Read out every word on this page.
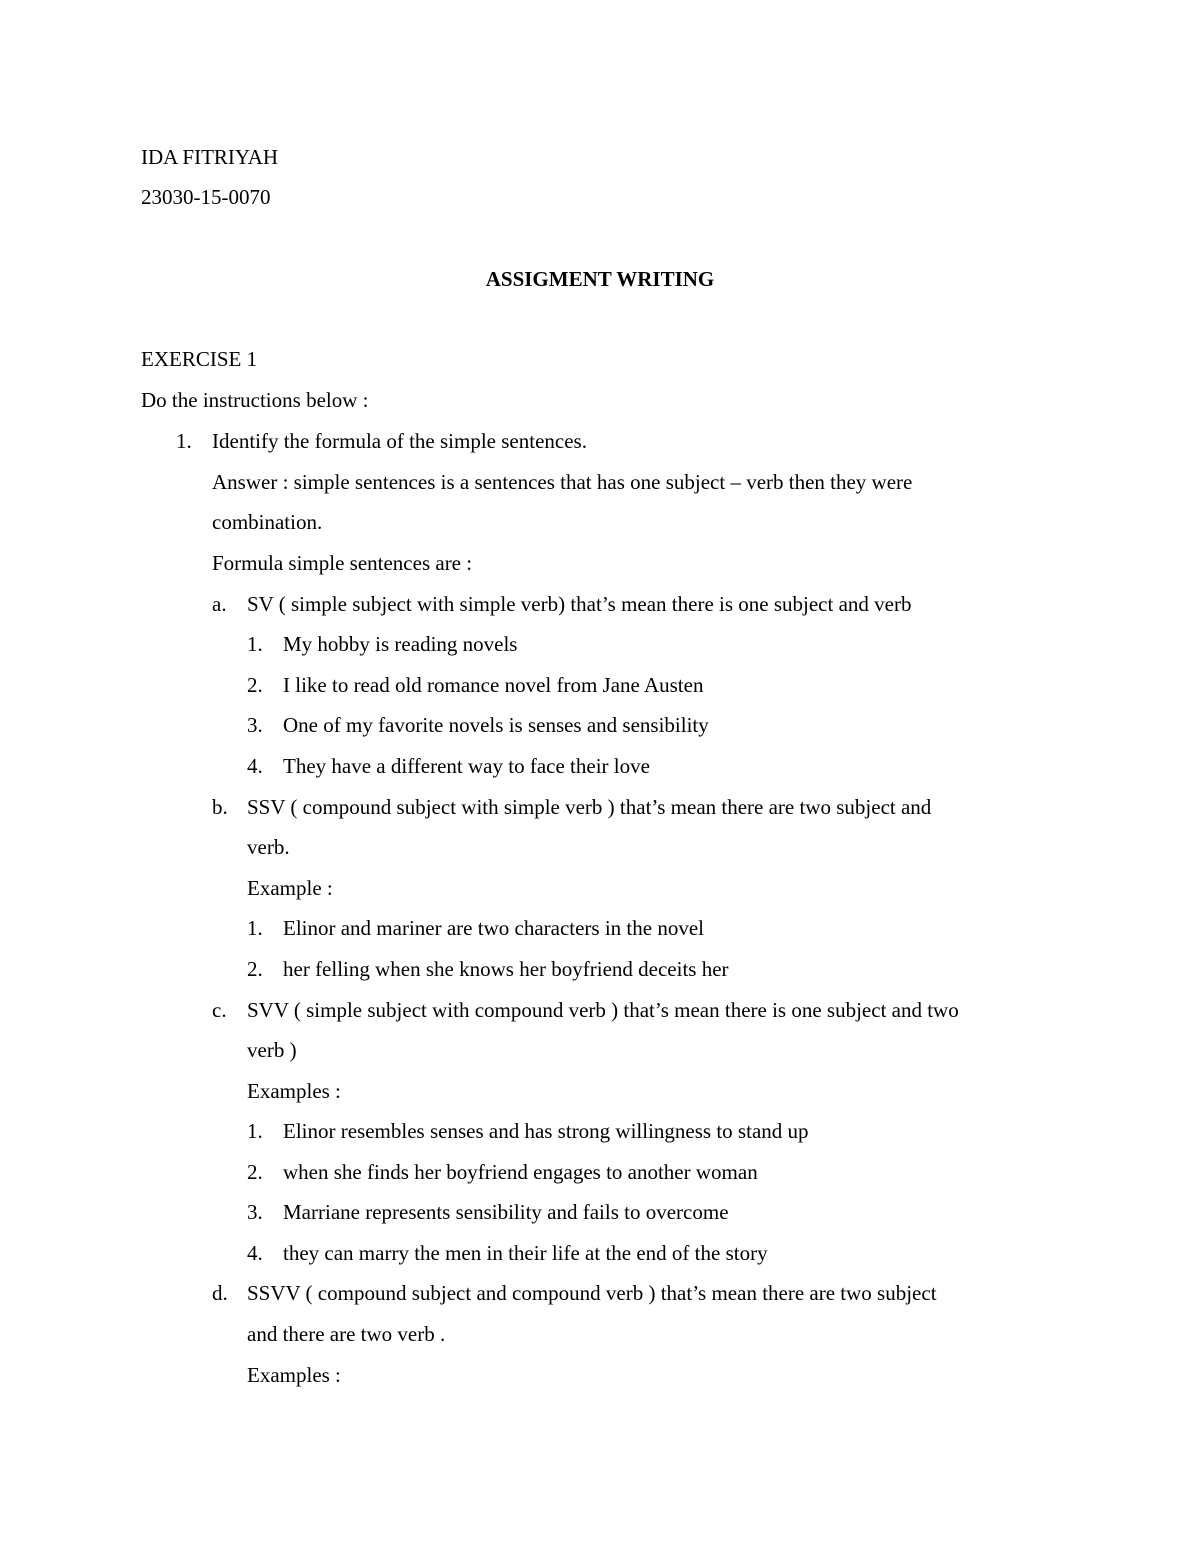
IDA FITRIYAH
23030-15-0070
ASSIGMENT WRITING
EXERCISE 1
Do the instructions below :
1. Identify the formula of the simple sentences.
Answer : simple sentences is a sentences that has one subject – verb then they were
combination.
Formula simple sentences are :
a. SV ( simple subject with simple verb) that’s mean there is one subject and verb
1. My hobby is reading novels
2. I like to read old romance novel from Jane Austen
3. One of my favorite novels is senses and sensibility
4. They have a different way to face their love
b. SSV ( compound subject with simple verb ) that’s mean there are two subject and
verb.
Example :
1. Elinor and mariner are two characters in the novel
2. her felling when she knows her boyfriend deceits her
c. SVV ( simple subject with compound verb ) that’s mean there is one subject and two
verb )
Examples :
1. Elinor resembles senses and has strong willingness to stand up
2. when she finds her boyfriend engages to another woman
3. Marriane represents sensibility and fails to overcome
4. they can marry the men in their life at the end of the story
d. SSVV ( compound subject and compound verb ) that’s mean there are two subject
and there are two verb .
Examples :
